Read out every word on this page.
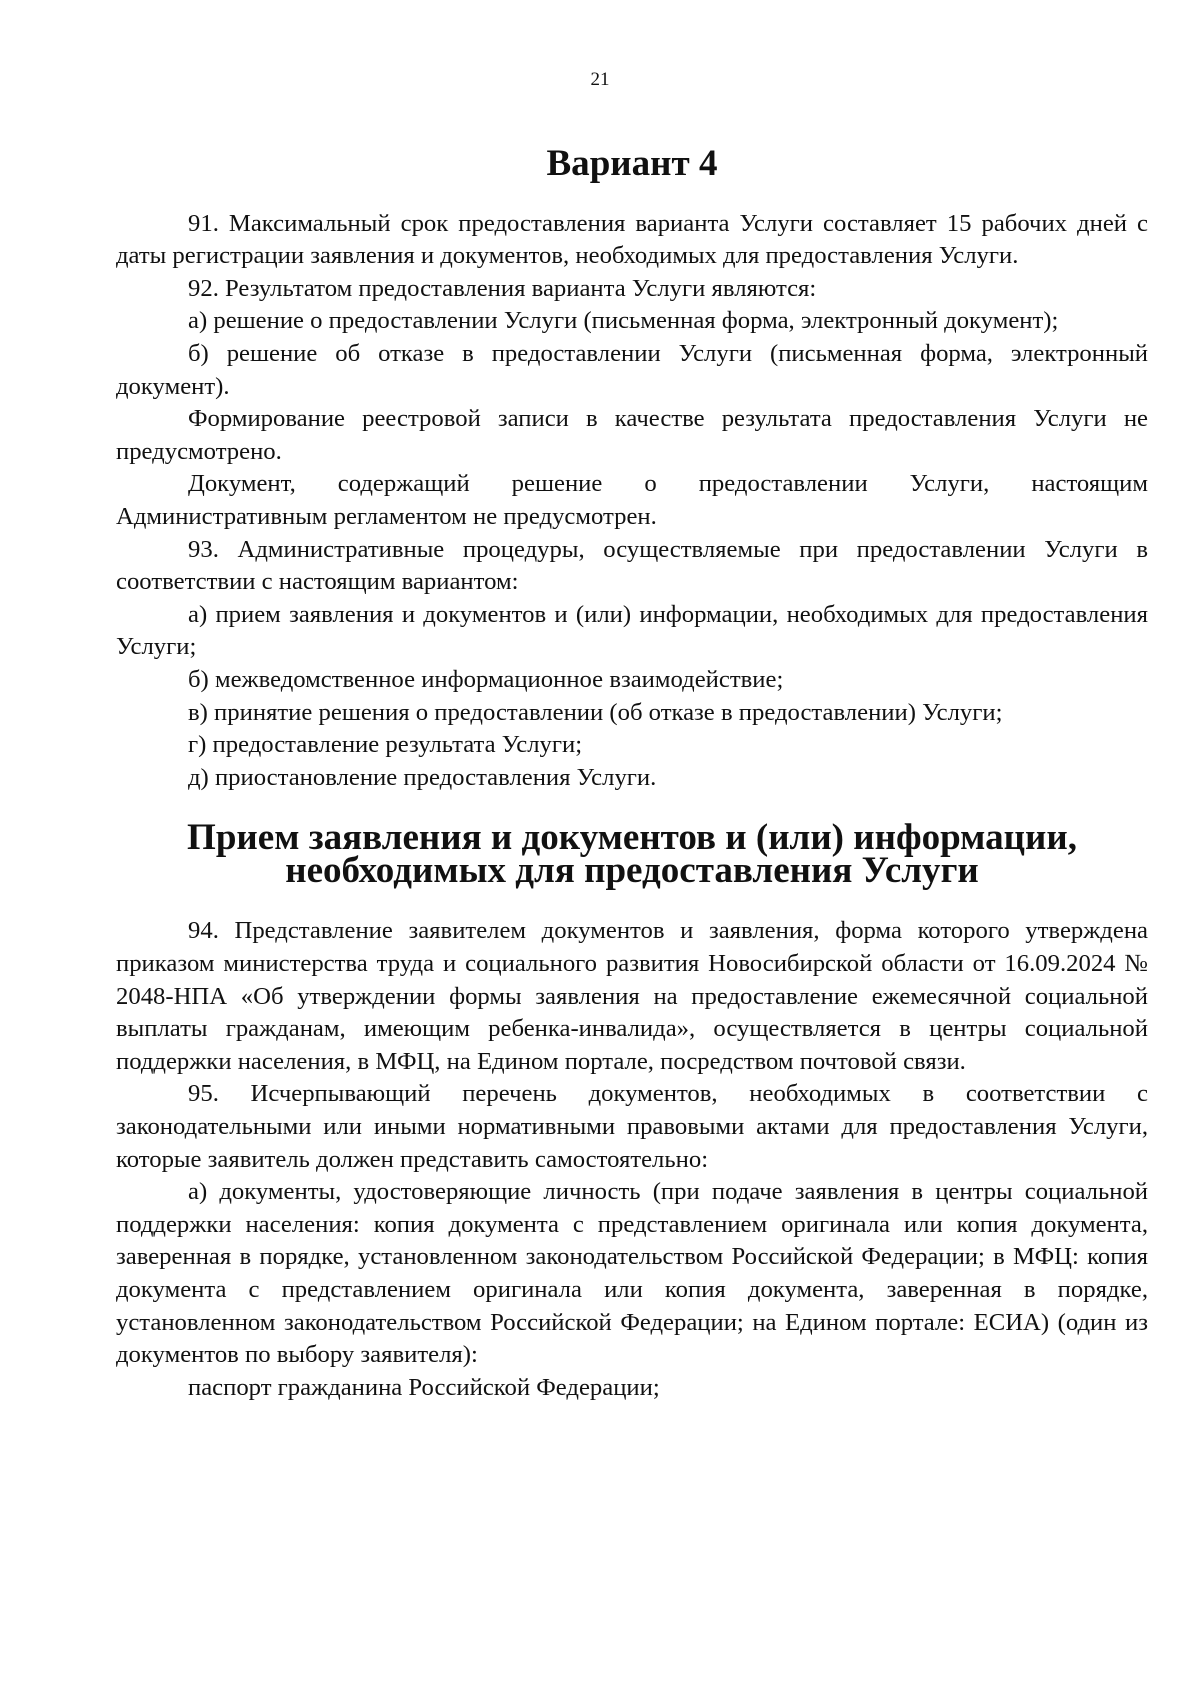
21
Вариант 4

91. Максимальный срок предоставления варианта Услуги составляет 15 рабочих дней с даты регистрации заявления и документов, необходимых для предоставления Услуги.

92. Результатом предоставления варианта Услуги являются:

а) решение о предоставлении Услуги (письменная форма, электронный документ);

б) решение об отказе в предоставлении Услуги (письменная форма, электронный документ).

Формирование реестровой записи в качестве результата предоставления Услуги не предусмотрено.

Документ, содержащий решение о предоставлении Услуги, настоящим Административным регламентом не предусмотрен.

93. Административные процедуры, осуществляемые при предоставлении Услуги в соответствии с настоящим вариантом:

а) прием заявления и документов и (или) информации, необходимых для предоставления Услуги;

б) межведомственное информационное взаимодействие;

в) принятие решения о предоставлении (об отказе в предоставлении) Услуги;

г) предоставление результата Услуги;

д) приостановление предоставления Услуги.

Прием заявления и документов и (или) информации, необходимых для предоставления Услуги

94. Представление заявителем документов и заявления, форма которого утверждена приказом министерства труда и социального развития Новосибирской области от 16.09.2024 № 2048-НПА «Об утверждении формы заявления на предоставление ежемесячной социальной выплаты гражданам, имеющим ребенка-инвалида», осуществляется в центры социальной поддержки населения, в МФЦ, на Едином портале, посредством почтовой связи.

95. Исчерпывающий перечень документов, необходимых в соответствии с законодательными или иными нормативными правовыми актами для предоставления Услуги, которые заявитель должен представить самостоятельно:

а) документы, удостоверяющие личность (при подаче заявления в центры социальной поддержки населения: копия документа с представлением оригинала или копия документа, заверенная в порядке, установленном законодательством Российской Федерации; в МФЦ: копия документа с представлением оригинала или копия документа, заверенная в порядке, установленном законодательством Российской Федерации; на Едином портале: ЕСИА) (один из документов по выбору заявителя):

паспорт гражданина Российской Федерации;
